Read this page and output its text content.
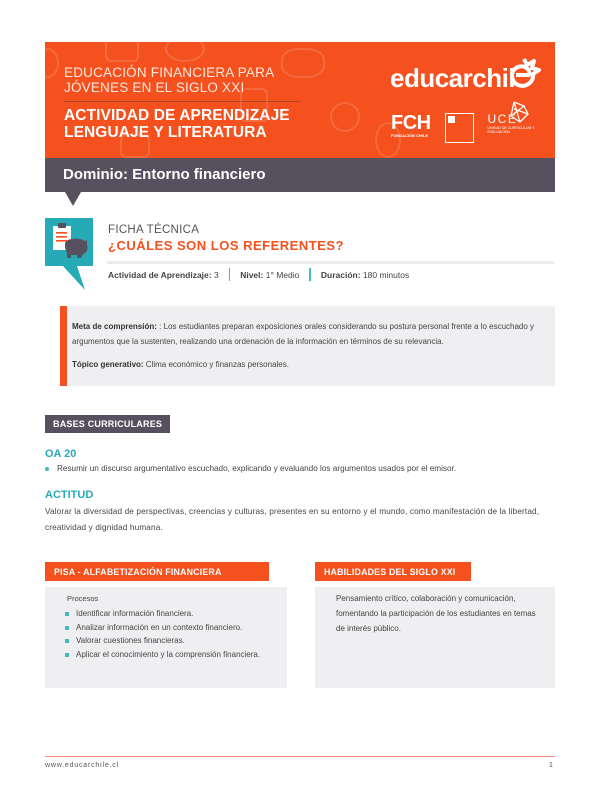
EDUCACIÓN FINANCIERA PARA
JÓVENES EN EL SIGLO XXI
ACTIVIDAD DE APRENDIZAJE
LENGUAJE Y LITERATURA
educarchil
FCH
FUNDACIÓN CHILE
UCE
UNIDAD DE CURRÍCULUM Y EVALUACIÓN
Dominio: Entorno financiero
FICHA TÉCNICA
¿CUÁLES SON LOS REFERENTES?
Actividad de Aprendizaje: 3	Nivel: 1° Medio	Duración: 180 minutos
Meta de comprensión: : Los estudiantes preparan exposiciones orales considerando su postura personal frente a lo escuchado y argumentos que la sustenten, realizando una ordenación de la información en términos de su relevancia.
Tópico generativo: Clima económico y finanzas personales.
BASES CURRICULARES
OA 20
Resumir un discurso argumentativo escuchado, explicando y evaluando los argumentos usados por el emisor.
ACTITUD
Valorar la diversidad de perspectivas, creencias y culturas, presentes en su entorno y el mundo, como manifestación de la libertad, creatividad y dignidad humana.
PISA - ALFABETIZACIÓN FINANCIERA
Procesos
Identificar información financiera.
Analizar información en un contexto financiero.
Valorar cuestiones financieras.
Aplicar el conocimiento y la comprensión financiera.
HABILIDADES DEL SIGLO XXI
Pensamiento crítico, colaboración y comunicación, fomentando la participación de los estudiantes en temas de interés público.
www.educarchile.cl	1
